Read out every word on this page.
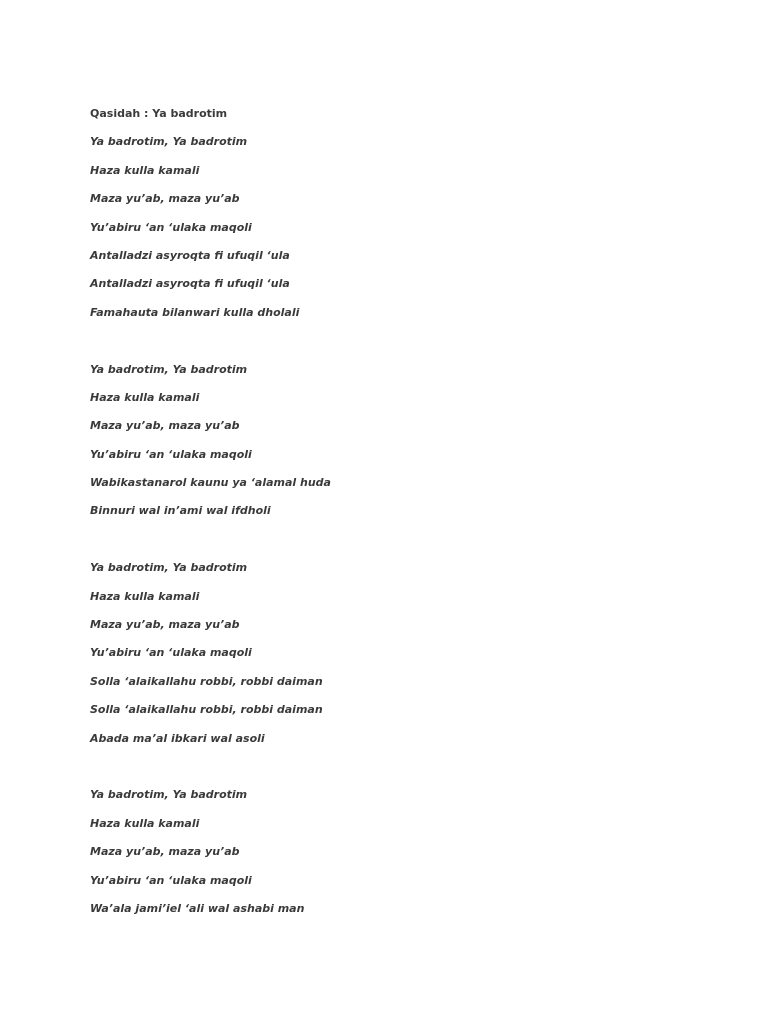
Qasidah : Ya badrotim
Ya badrotim, Ya badrotim
Haza kulla kamali
Maza yu’ab, maza yu’ab
Yu’abiru ‘an ‘ulaka maqoli
Antalladzi asyroqta fi ufuqil ‘ula
Antalladzi asyroqta fi ufuqil ‘ula
Famahauta bilanwari kulla dholali
Ya badrotim, Ya badrotim
Haza kulla kamali
Maza yu’ab, maza yu’ab
Yu’abiru ‘an ‘ulaka maqoli
Wabikastanarol kaunu ya ‘alamal huda
Binnuri wal in’ami wal ifdholi
Ya badrotim, Ya badrotim
Haza kulla kamali
Maza yu’ab, maza yu’ab
Yu’abiru ‘an ‘ulaka maqoli
Solla ‘alaikallahu robbi, robbi daiman
Solla ‘alaikallahu robbi, robbi daiman
Abada ma’al ibkari wal asoli
Ya badrotim, Ya badrotim
Haza kulla kamali
Maza yu’ab, maza yu’ab
Yu’abiru ‘an ‘ulaka maqoli
Wa’ala jami’iel ‘ali wal ashabi man
